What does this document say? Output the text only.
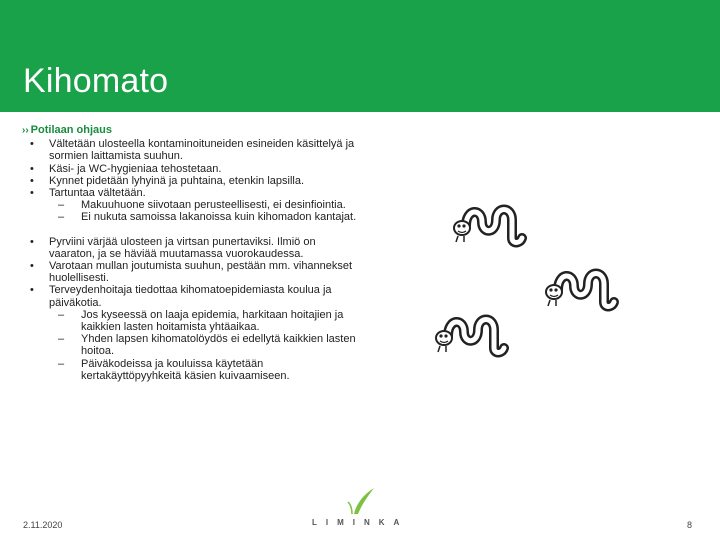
Kihomato
›› Potilaan ohjaus
• Vältetään ulosteella kontaminoituneiden esineiden käsittelyä ja sormien laittamista suuhun.
• Käsi- ja WC-hygieniaa tehostetaan.
• Kynnet pidetään lyhyinä ja puhtaina, etenkin lapsilla.
• Tartuntaa vältetään.
– Makuuhuone siivotaan perusteellisesti, ei desinfiointia.
– Ei nukuta samoissa lakanoissa kuin kihomadon kantajat.
• Pyrviini värjää ulosteen ja virtsan punertaviksi. Ilmiö on vaaraton, ja se häviää muutamassa vuorokaudessa.
• Varotaan mullan joutumista suuhun, pestään mm. vihannekset huolellisesti.
• Terveydenhoitaja tiedottaa kihomatoepidemiasta koulua ja päiväkotia.
– Jos kyseessä on laaja epidemia, harkitaan hoitajien ja kaikkien lasten hoitamista yhtäaikaa.
– Yhden lapsen kihomatolöydös ei edellytä kaikkien lasten hoitoa.
– Päiväkodeissa ja kouluissa käytetään kertakäyttöpyyhkeitä käsien kuivaamiseen.
LIMINKA
2.11.2020	8
